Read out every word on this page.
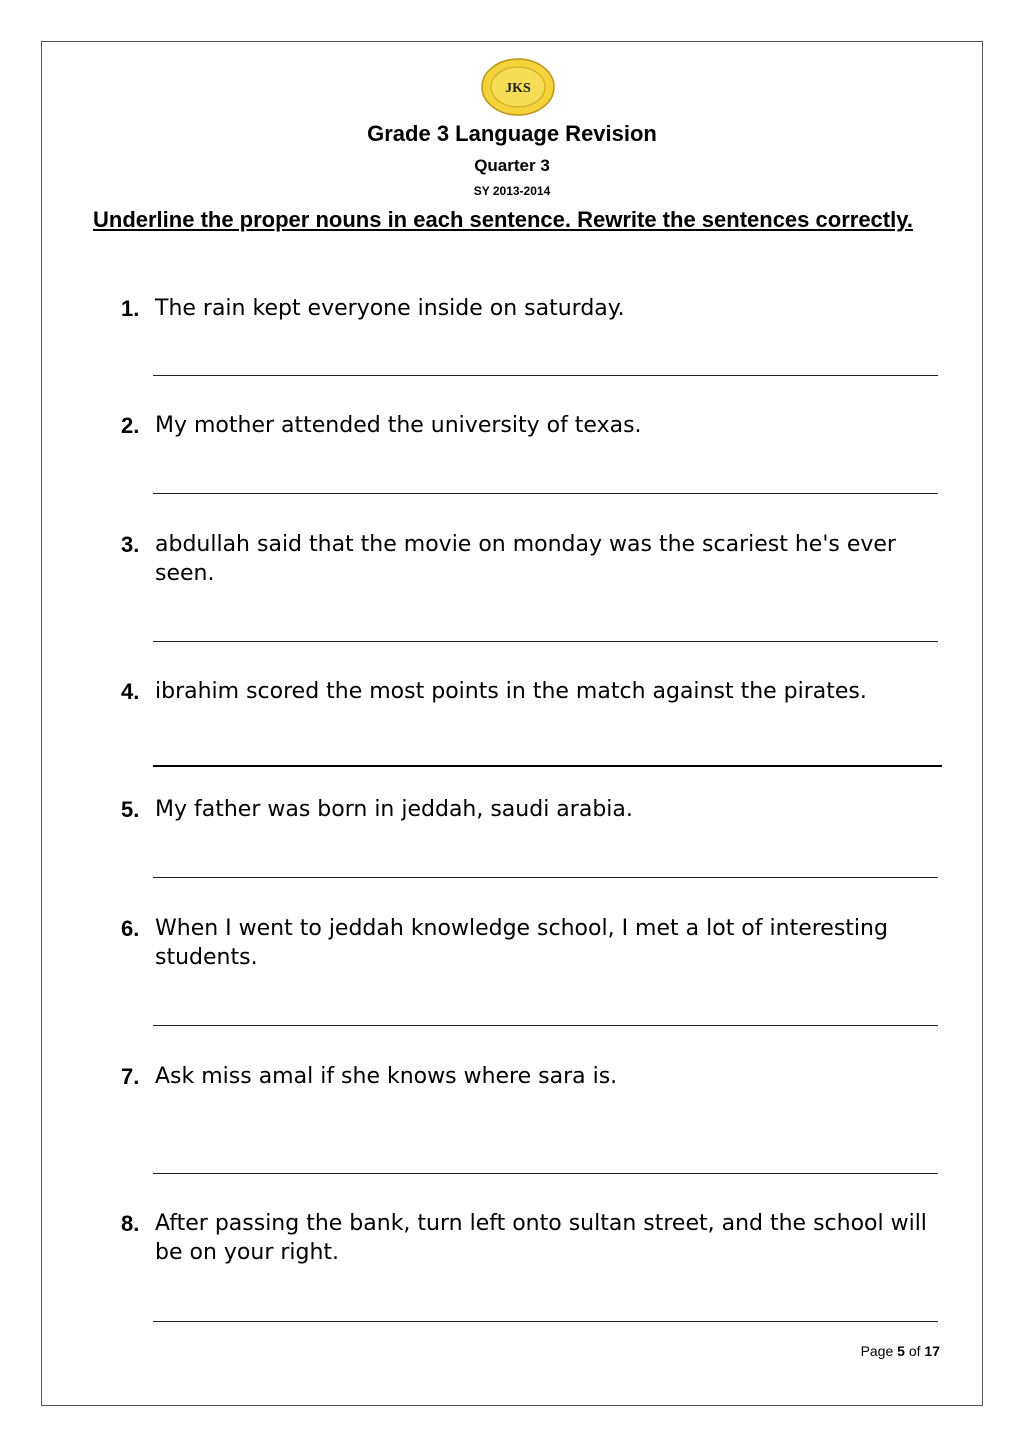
JKS
Grade 3 Language Revision
Quarter 3
SY 2013-2014
Underline the proper nouns in each sentence. Rewrite the sentences correctly.
1. The rain kept everyone inside on saturday.
2. My mother attended the university of texas.
3. abdullah said that the movie on monday was the scariest he's ever seen.
4. ibrahim scored the most points in the match against the pirates.
5. My father was born in jeddah, saudi arabia.
6. When I went to jeddah knowledge school, I met a lot of interesting students.
7. Ask miss amal if she knows where sara is.
8. After passing the bank, turn left onto sultan street, and the school will be on your right.
Page 5 of 17
